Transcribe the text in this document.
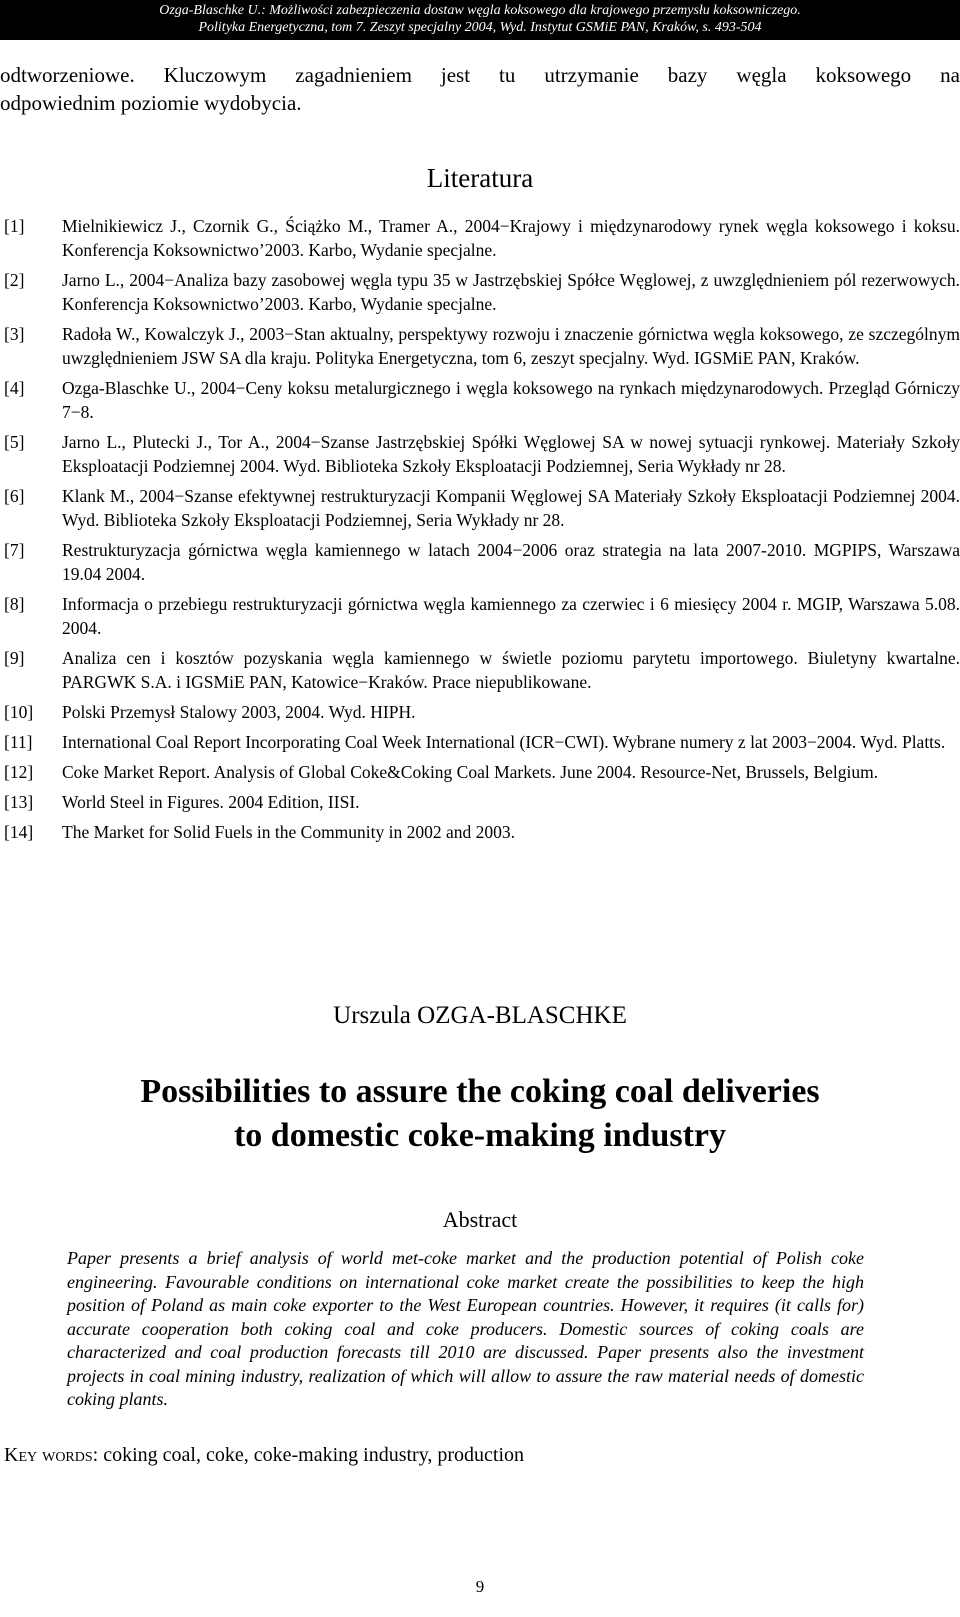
Ozga-Blaschke U.: Możliwości zabezpieczenia dostaw węgla koksowego dla krajowego przemysłu koksowniczego.
Polityka Energetyczna, tom 7. Zeszyt specjalny 2004, Wyd. Instytut GSMiE PAN, Kraków, s. 493-504
odtworzeniowe. Kluczowym zagadnieniem jest tu utrzymanie bazy węgla koksowego na
odpowiednim poziomie wydobycia.
Literatura
[1] Mielnikiewicz J., Czornik G., Ściążko M., Tramer A., 2004−Krajowy i międzynarodowy rynek węgla koksowego i koksu. Konferencja Koksownictwo’2003. Karbo, Wydanie specjalne.
[2] Jarno L., 2004−Analiza bazy zasobowej węgla typu 35 w Jastrzębskiej Spółce Węglowej, z uwzględnieniem pól rezerwowych. Konferencja Koksownictwo’2003. Karbo, Wydanie specjalne.
[3] Radoła W., Kowalczyk J., 2003−Stan aktualny, perspektywy rozwoju i znaczenie górnictwa węgla koksowego, ze szczególnym uwzględnieniem JSW SA dla kraju. Polityka Energetyczna, tom 6, zeszyt specjalny. Wyd. IGSMiE PAN, Kraków.
[4] Ozga-Blaschke U., 2004−Ceny koksu metalurgicznego i węgla koksowego na rynkach międzynarodowych. Przegląd Górniczy 7−8.
[5] Jarno L., Plutecki J., Tor A., 2004−Szanse Jastrzębskiej Spółki Węglowej SA w nowej sytuacji rynkowej. Materiały Szkoły Eksploatacji Podziemnej 2004. Wyd. Biblioteka Szkoły Eksploatacji Podziemnej, Seria Wykłady nr 28.
[6] Klank M., 2004−Szanse efektywnej restrukturyzacji Kompanii Węglowej SA Materiały Szkoły Eksploatacji Podziemnej 2004. Wyd. Biblioteka Szkoły Eksploatacji Podziemnej, Seria Wykłady nr 28.
[7] Restrukturyzacja górnictwa węgla kamiennego w latach 2004−2006 oraz strategia na lata 2007-2010. MGPIPS, Warszawa 19.04 2004.
[8] Informacja o przebiegu restrukturyzacji górnictwa węgla kamiennego za czerwiec i 6 miesięcy 2004 r. MGIP, Warszawa 5.08. 2004.
[9] Analiza cen i kosztów pozyskania węgla kamiennego w świetle poziomu parytetu importowego. Biuletyny kwartalne. PARGWK S.A. i IGSMiE PAN, Katowice−Kraków. Prace niepublikowane.
[10] Polski Przemysł Stalowy 2003, 2004. Wyd. HIPH.
[11] International Coal Report Incorporating Coal Week International (ICR−CWI). Wybrane numery z lat 2003−2004. Wyd. Platts.
[12] Coke Market Report. Analysis of Global Coke&Coking Coal Markets. June 2004. Resource-Net, Brussels, Belgium.
[13] World Steel in Figures. 2004 Edition, IISI.
[14] The Market for Solid Fuels in the Community in 2002 and 2003.
Urszula OZGA-BLASCHKE
Possibilities to assure the coking coal deliveries
to domestic coke-making industry
Abstract
Paper presents a brief analysis of world met-coke market and the production potential of Polish coke engineering. Favourable conditions on international coke market create the possibilities to keep the high position of Poland as main coke exporter to the West European countries. However, it requires (it calls for) accurate cooperation both coking coal and coke producers. Domestic sources of coking coals are characterized and coal production forecasts till 2010 are discussed. Paper presents also the investment projects in coal mining industry, realization of which will allow to assure the raw material needs of domestic coking plants.
Key words: coking coal, coke, coke-making industry, production
9
